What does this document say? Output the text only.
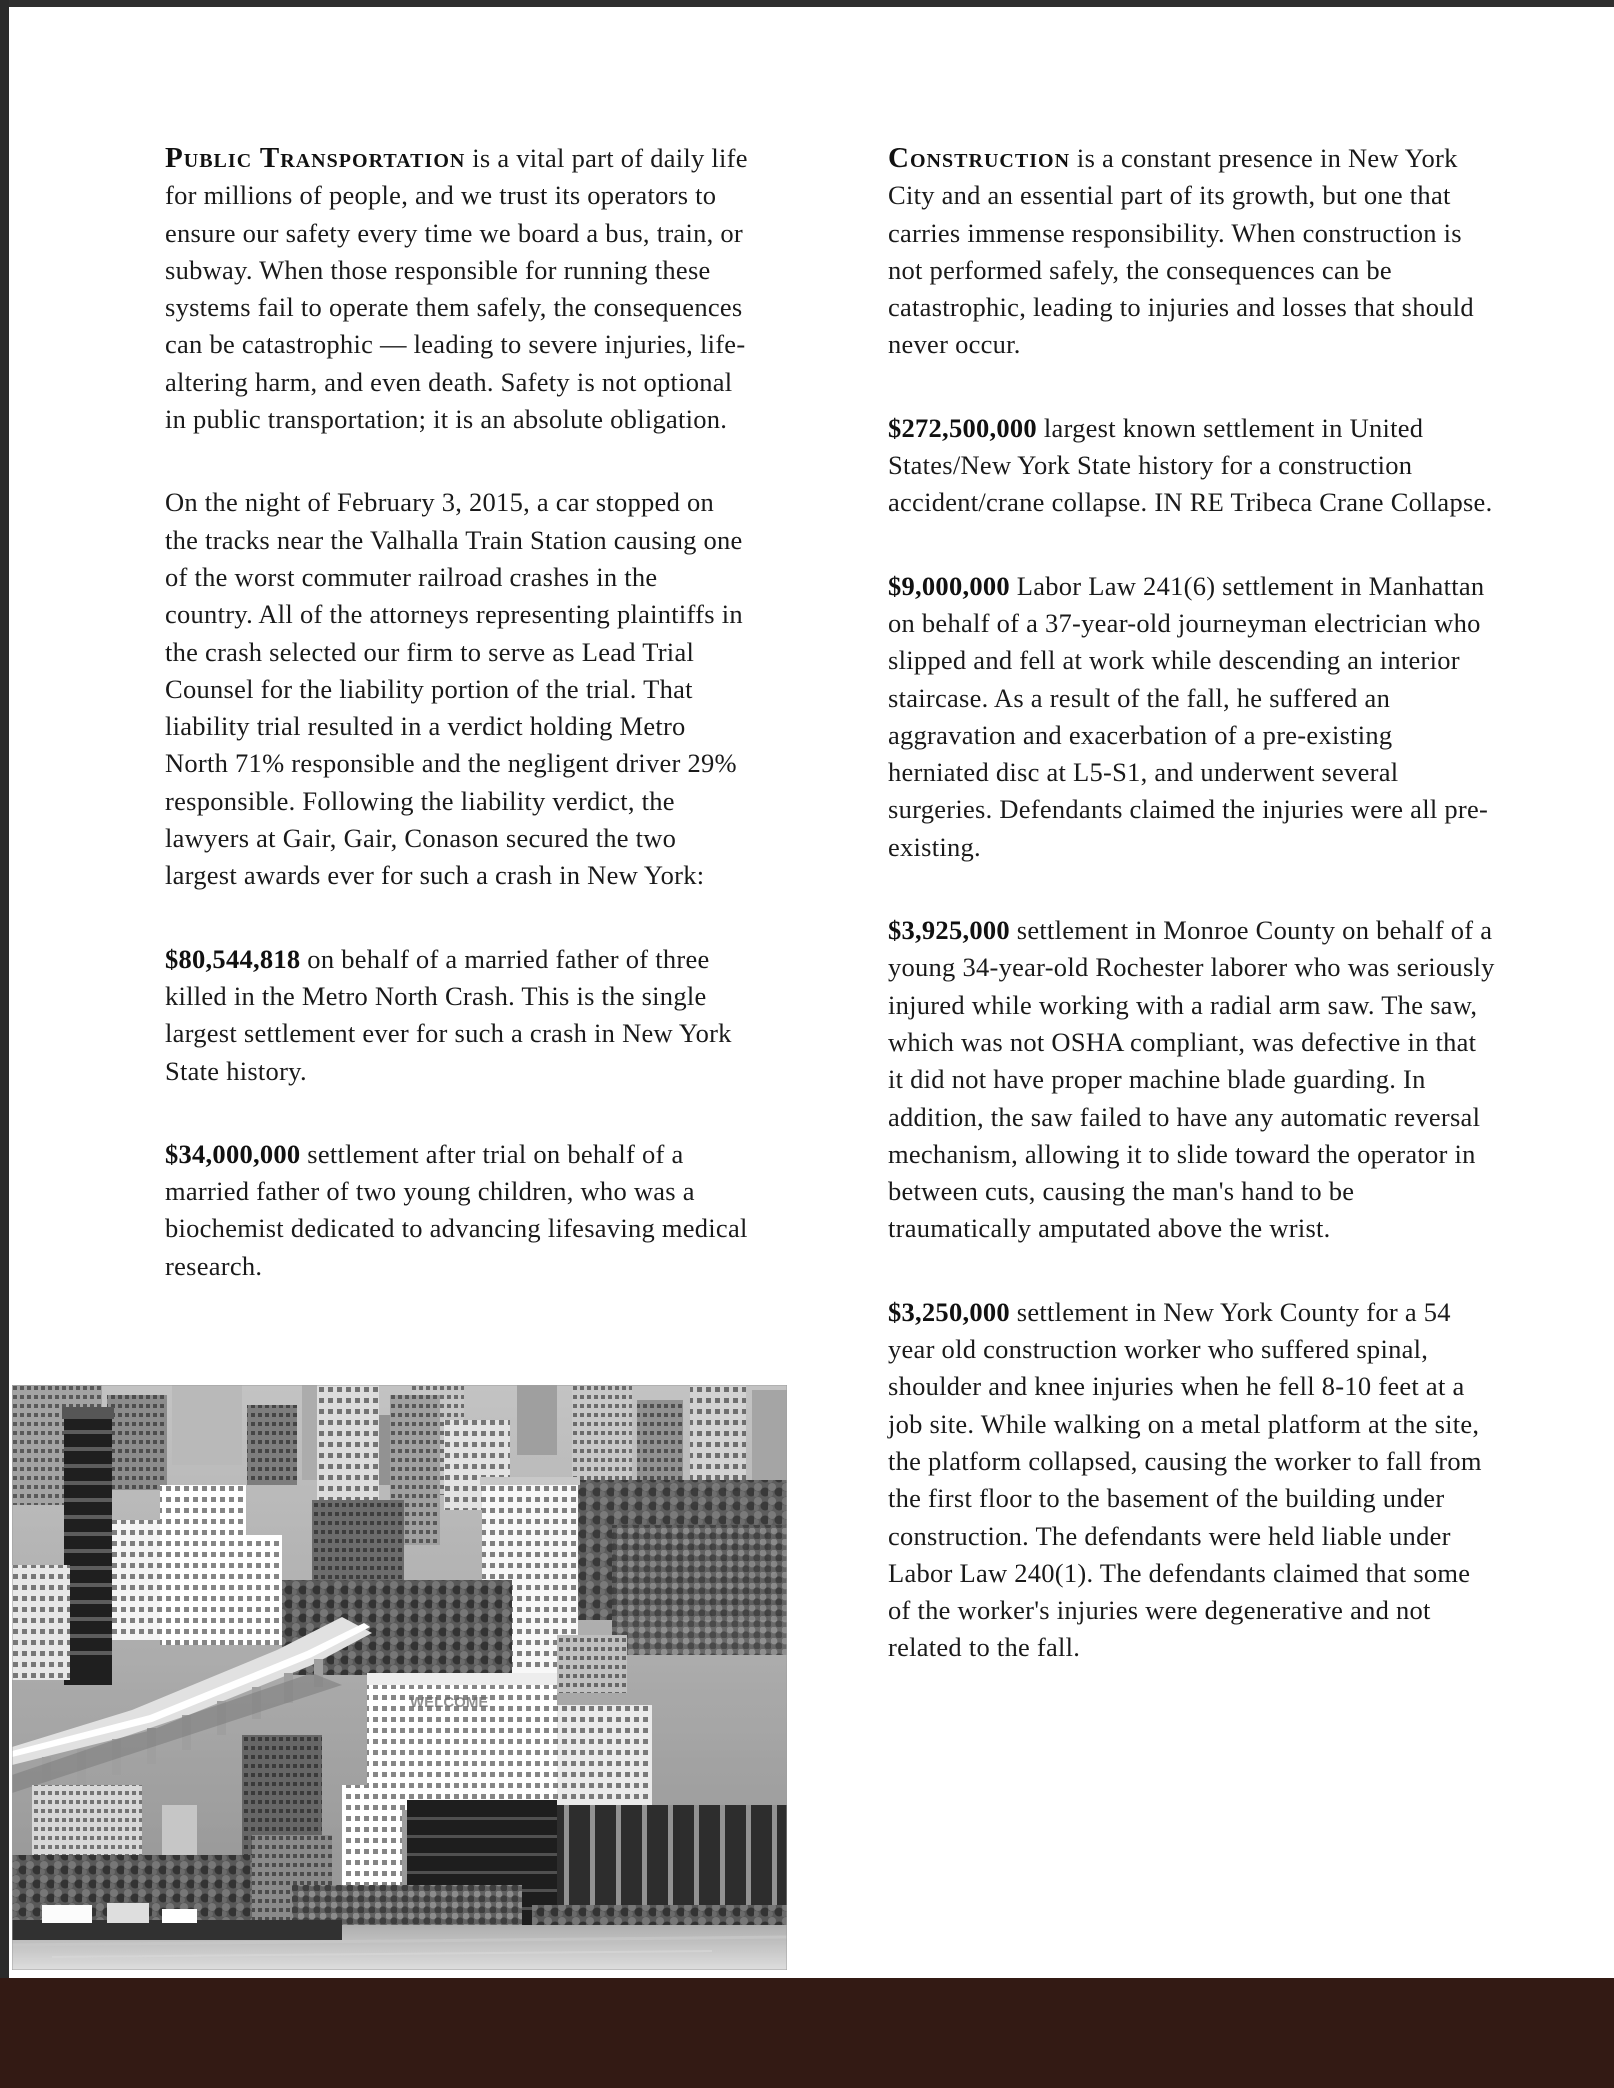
Public Transportation is a vital part of daily life for millions of people, and we trust its operators to ensure our safety every time we board a bus, train, or subway. When those responsible for running these systems fail to operate them safely, the consequences can be catastrophic — leading to severe injuries, life-altering harm, and even death. Safety is not optional in public transportation; it is an absolute obligation.

On the night of February 3, 2015, a car stopped on the tracks near the Valhalla Train Station causing one of the worst commuter railroad crashes in the country. All of the attorneys representing plaintiffs in the crash selected our firm to serve as Lead Trial Counsel for the liability portion of the trial. That liability trial resulted in a verdict holding Metro North 71% responsible and the negligent driver 29% responsible. Following the liability verdict, the lawyers at Gair, Gair, Conason secured the two largest awards ever for such a crash in New York:

$80,544,818 on behalf of a married father of three killed in the Metro North Crash. This is the single largest settlement ever for such a crash in New York State history.

$34,000,000 settlement after trial on behalf of a married father of two young children, who was a biochemist dedicated to advancing lifesaving medical research.

Construction is a constant presence in New York City and an essential part of its growth, but one that carries immense responsibility. When construction is not performed safely, the consequences can be catastrophic, leading to injuries and losses that should never occur.

$272,500,000 largest known settlement in United States/New York State history for a construction accident/crane collapse. IN RE Tribeca Crane Collapse.

$9,000,000 Labor Law 241(6) settlement in Manhattan on behalf of a 37-year-old journeyman electrician who slipped and fell at work while descending an interior staircase. As a result of the fall, he suffered an aggravation and exacerbation of a pre-existing herniated disc at L5-S1, and underwent several surgeries. Defendants claimed the injuries were all pre-existing.

$3,925,000 settlement in Monroe County on behalf of a young 34-year-old Rochester laborer who was seriously injured while working with a radial arm saw. The saw, which was not OSHA compliant, was defective in that it did not have proper machine blade guarding. In addition, the saw failed to have any automatic reversal mechanism, allowing it to slide toward the operator in between cuts, causing the man's hand to be traumatically amputated above the wrist.

$3,250,000 settlement in New York County for a 54 year old construction worker who suffered spinal, shoulder and knee injuries when he fell 8-10 feet at a job site. While walking on a metal platform at the site, the platform collapsed, causing the worker to fall from the first floor to the basement of the building under construction. The defendants were held liable under Labor Law 240(1). The defendants claimed that some of the worker's injuries were degenerative and not related to the fall.

WELCOME
